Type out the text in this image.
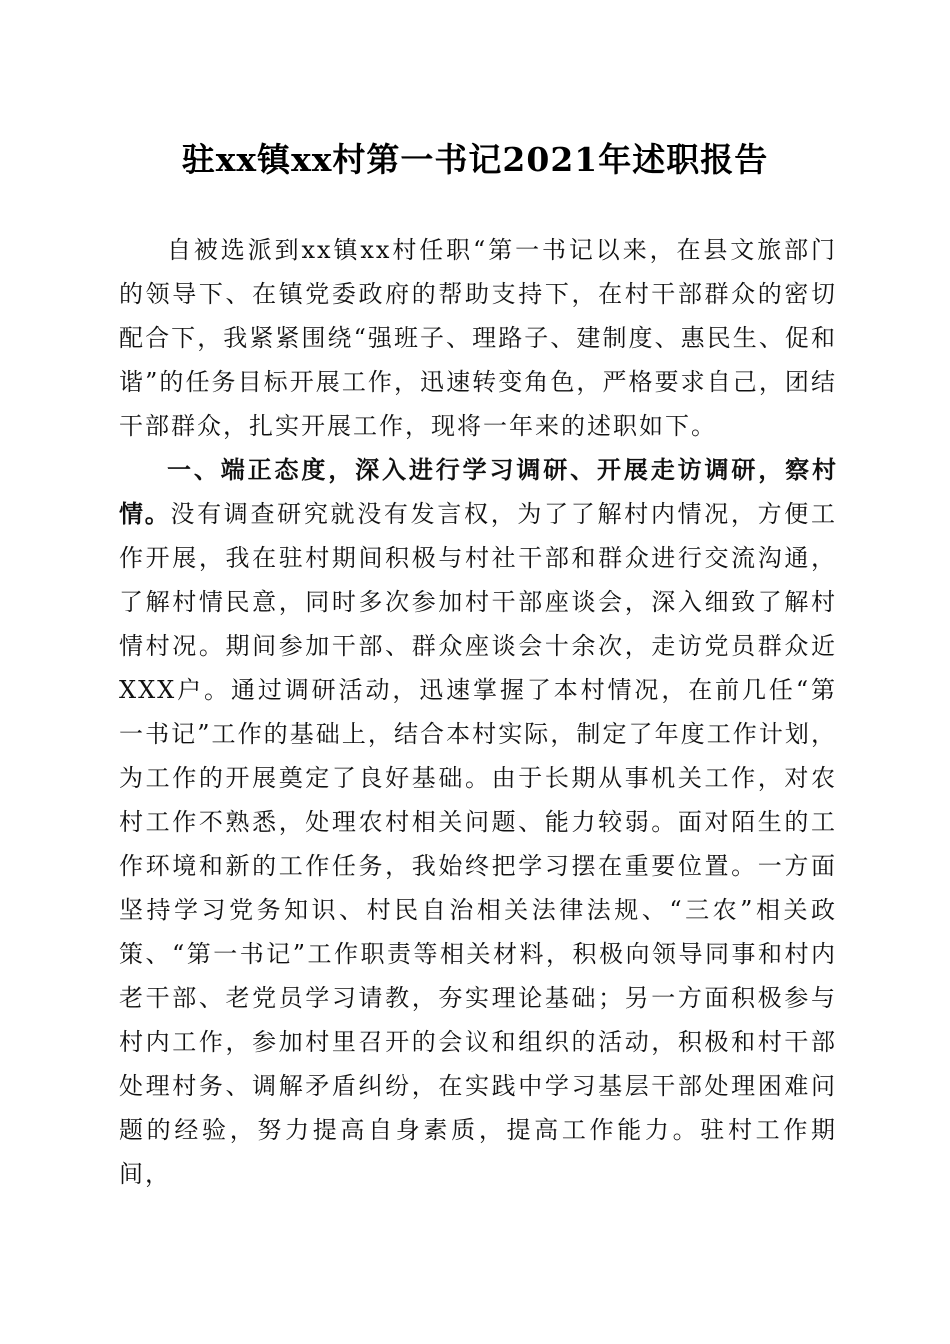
驻xx镇xx村第一书记2021年述职报告

自被选派到xx镇xx村任职“第一书记以来，在县文旅部门的领导下、在镇党委政府的帮助支持下，在村干部群众的密切配合下，我紧紧围绕“强班子、理路子、建制度、惠民生、促和谐”的任务目标开展工作，迅速转变角色，严格要求自己，团结干部群众，扎实开展工作，现将一年来的述职如下。

一、端正态度，深入进行学习调研、开展走访调研，察村情。没有调查研究就没有发言权，为了了解村内情况，方便工作开展，我在驻村期间积极与村社干部和群众进行交流沟通，了解村情民意，同时多次参加村干部座谈会，深入细致了解村情村况。期间参加干部、群众座谈会十余次，走访党员群众近XXX户。通过调研活动，迅速掌握了本村情况，在前几任“第一书记”工作的基础上，结合本村实际，制定了年度工作计划，为工作的开展奠定了良好基础。由于长期从事机关工作，对农村工作不熟悉，处理农村相关问题、能力较弱。面对陌生的工作环境和新的工作任务，我始终把学习摆在重要位置。一方面坚持学习党务知识、村民自治相关法律法规、“三农”相关政策、“第一书记”工作职责等相关材料，积极向领导同事和村内老干部、老党员学习请教，夯实理论基础；另一方面积极参与村内工作，参加村里召开的会议和组织的活动，积极和村干部处理村务、调解矛盾纠纷，在实践中学习基层干部处理困难问题的经验，努力提高自身素质，提高工作能力。驻村工作期间，
